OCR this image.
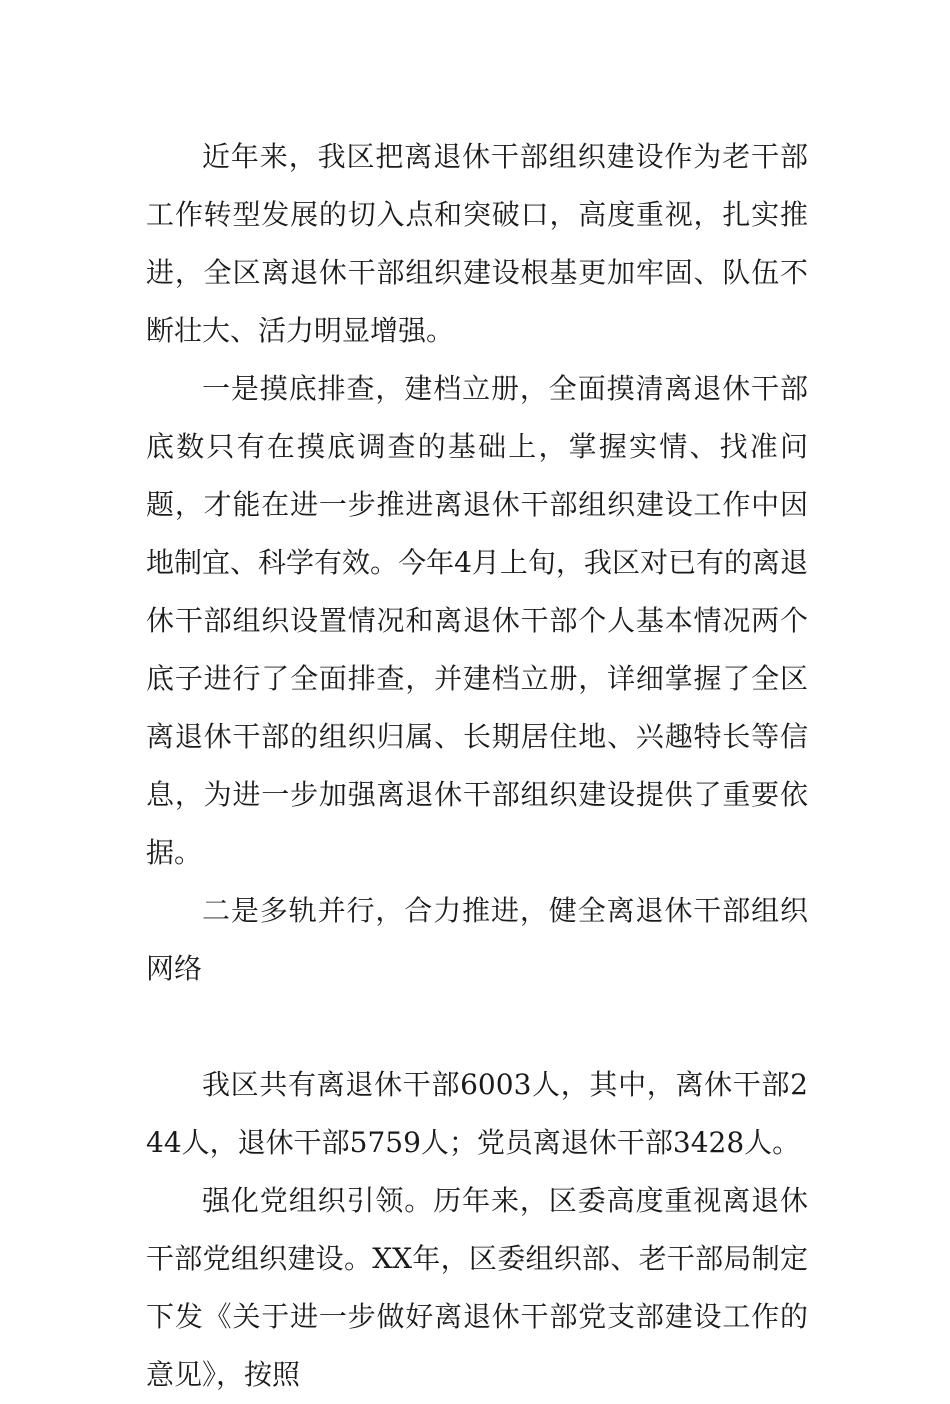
近年来，我区把离退休干部组织建设作为老干部工作转型发展的切入点和突破口，高度重视，扎实推进，全区离退休干部组织建设根基更加牢固、队伍不断壮大、活力明显增强。

一是摸底排查，建档立册，全面摸清离退休干部底数只有在摸底调查的基础上，掌握实情、找准问题，才能在进一步推进离退休干部组织建设工作中因地制宜、科学有效。今年4月上旬，我区对已有的离退休干部组织设置情况和离退休干部个人基本情况两个底子进行了全面排查，并建档立册，详细掌握了全区离退休干部的组织归属、长期居住地、兴趣特长等信息，为进一步加强离退休干部组织建设提供了重要依据。

二是多轨并行，合力推进，健全离退休干部组织网络

我区共有离退休干部6003人，其中，离休干部244人，退休干部5759人；党员离退休干部3428人。

强化党组织引领。历年来，区委高度重视离退休干部党组织建设。XX年，区委组织部、老干部局制定下发《关于进一步做好离退休干部党支部建设工作的意见》，按照
